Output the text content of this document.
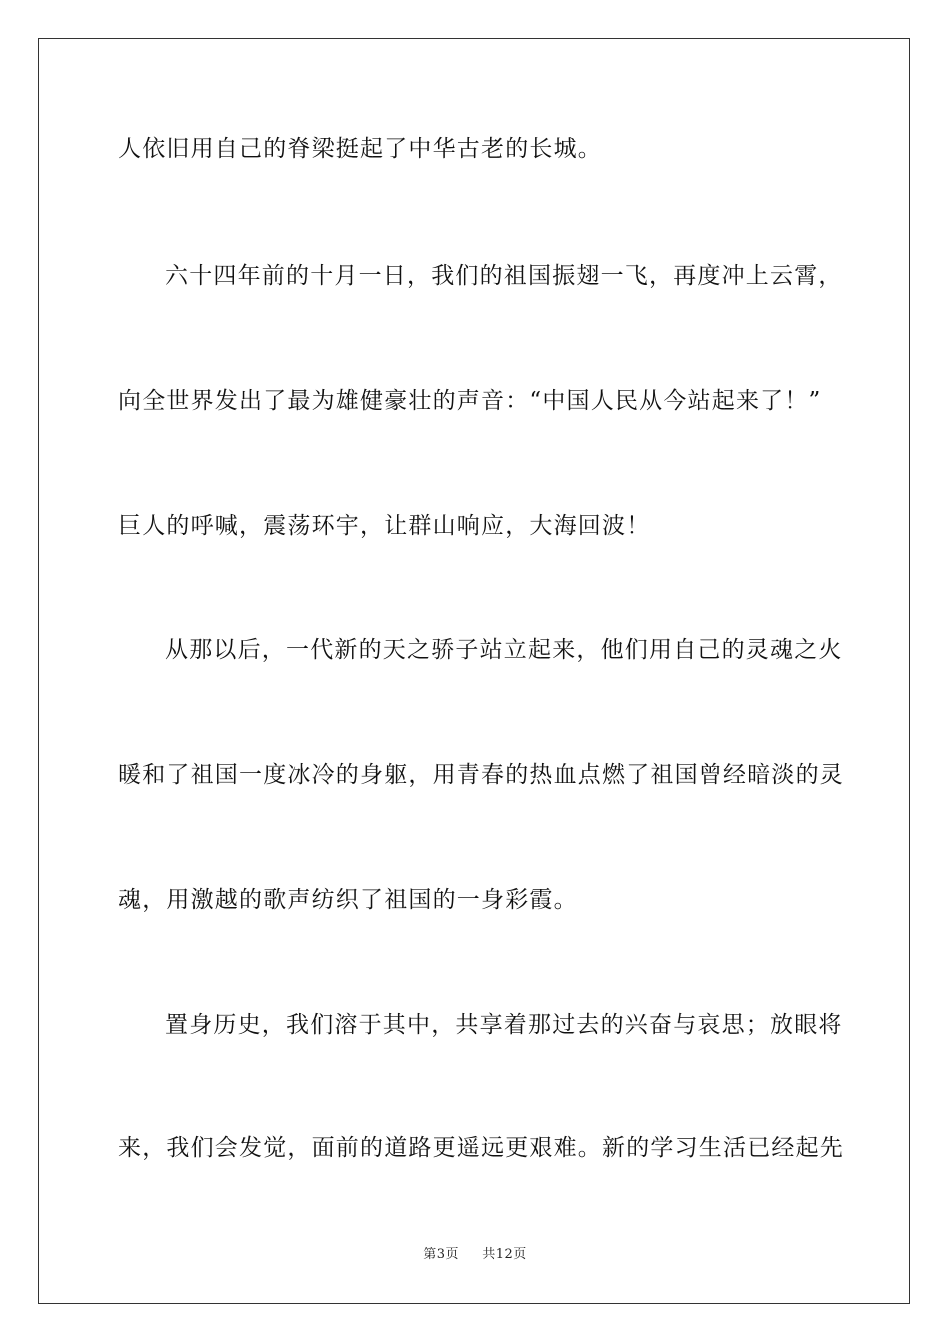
人依旧用自己的脊梁挺起了中华古老的长城。
六十四年前的十月一日，我们的祖国振翅一飞，再度冲上云霄，
向全世界发出了最为雄健豪壮的声音：“中国人民从今站起来了！”
巨人的呼喊，震荡环宇，让群山响应，大海回波！
从那以后，一代新的天之骄子站立起来，他们用自己的灵魂之火
暖和了祖国一度冰冷的身躯，用青春的热血点燃了祖国曾经暗淡的灵
魂，用激越的歌声纺织了祖国的一身彩霞。
置身历史，我们溶于其中，共享着那过去的兴奋与哀思；放眼将
来，我们会发觉，面前的道路更遥远更艰难。新的学习生活已经起先
第3页 共12页
